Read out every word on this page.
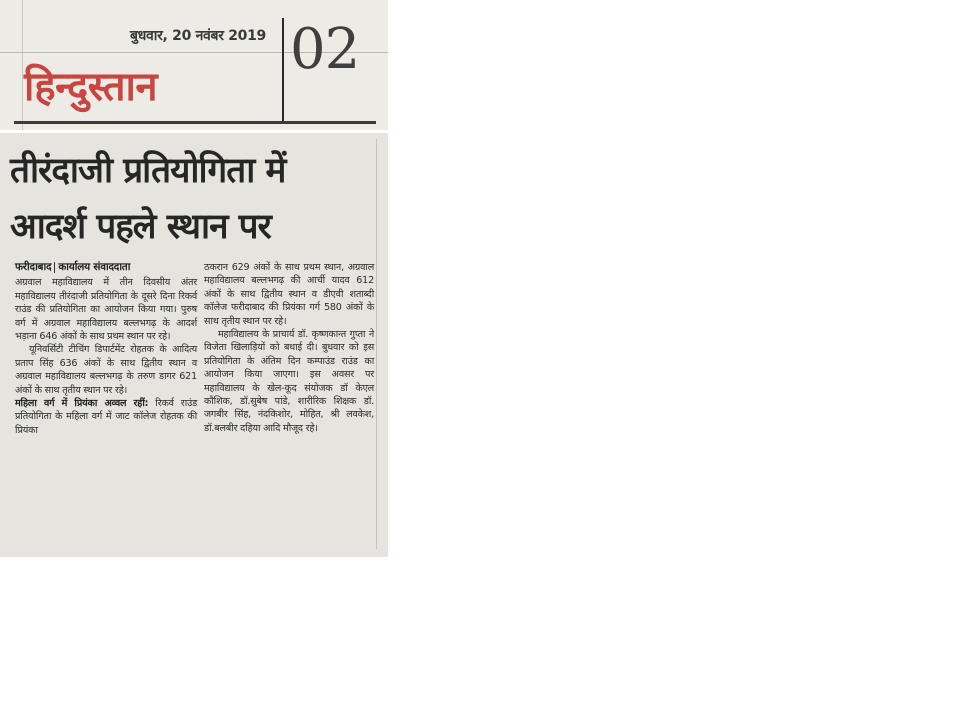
बुधवार, 20 नवंबर 2019 02
हिन्दुस्तान
तीरंदाजी प्रतियोगिता में
आदर्श पहले स्थान पर
फरीदाबाद कार्यालय संवाददाता

अग्रवाल महाविद्यालय में तीन दिवसीय अंतर महाविद्यालय तीरंदाजी प्रतियोगिता के दूसरे दिना रिकर्व राउंड की प्रतियोगिता का आयोजन किया गया। पुरुष वर्ग में अग्रवाल महाविद्यालय बल्लभगढ़ के आदर्श भड़ाना 646 अंकों के साथ प्रथम स्थान पर रहे।

यूनिवर्सिटी टीचिंग डिपार्टमेंट रोहतक के आदित्य प्रताप सिंह 636 अंकों के साथ द्वितीय स्थान व अग्रवाल महाविद्यालय बल्लभगढ़ के तरुण डागर 621 अंकों के साथ तृतीय स्थान पर रहे।

महिला वर्ग में प्रियंका अव्वल रहीं: रिकर्व राउंड प्रतियोगिता के महिला वर्ग में जाट कॉलेज रोहतक की प्रियंका

ठकरान 629 अंकों के साथ प्रथम स्थान, अग्रवाल महाविद्यालय बल्लभगढ़ की आर्ची यादव 612 अंकों के साथ द्वितीय स्थान व डीएवी शताब्दी कॉलेज फरीदाबाद की प्रियंका गर्ग 580 अंकों के साथ तृतीय स्थान पर रहे।

महाविद्यालय के प्राचार्य डॉ. कृष्णकान्त गुप्ता ने विजेता खिलाड़ियों को बधाई दी। बुधवार को इस प्रतियोगिता के अंतिम दिन कम्पाउंड राउंड का आयोजन किया जाएगा। इस अवसर पर महाविद्यालय के खेल-कूद संयोजक डॉ केएल कौशिक, डॉ.सुबेष पांडे, शारीरिक शिक्षक डॉ. जगबीर सिंह, नंदकिशोर, मोहित, श्री लवकेश, डॉ.बलबीर दहिया आदि मौजूद रहे।
